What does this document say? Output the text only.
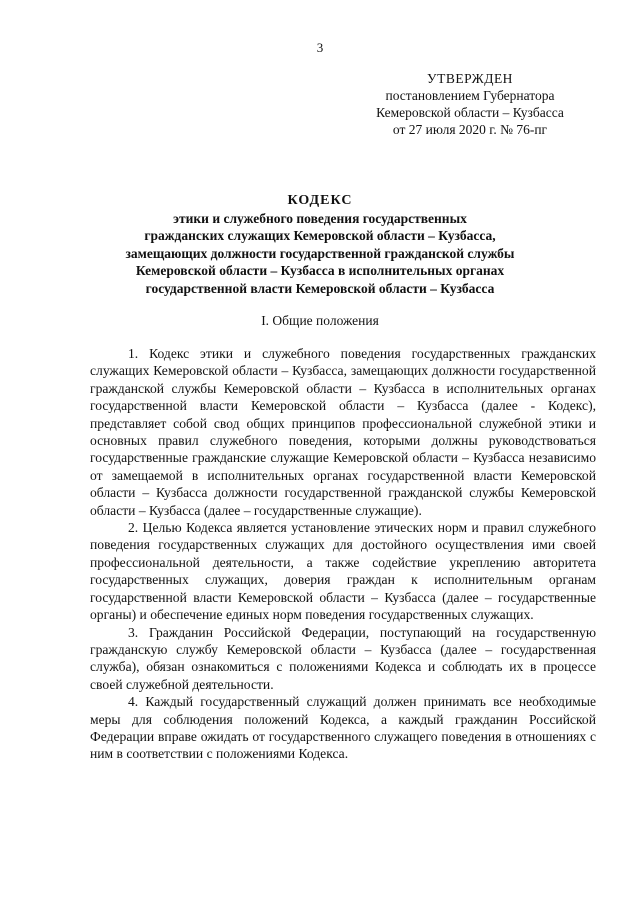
3
УТВЕРЖДЕН
постановлением Губернатора
Кемеровской области – Кузбасса
от 27 июля 2020 г. № 76-пг
КОДЕКС
этики и служебного поведения государственных
гражданских служащих Кемеровской области – Кузбасса,
замещающих должности государственной гражданской службы
Кемеровской области – Кузбасса в исполнительных органах
государственной власти Кемеровской области – Кузбасса
I. Общие положения

1. Кодекс этики и служебного поведения государственных гражданских служащих Кемеровской области – Кузбасса, замещающих должности государственной гражданской службы Кемеровской области – Кузбасса в исполнительных органах государственной власти Кемеровской области – Кузбасса (далее - Кодекс), представляет собой свод общих принципов профессиональной служебной этики и основных правил служебного поведения, которыми должны руководствоваться государственные гражданские служащие Кемеровской области – Кузбасса независимо от замещаемой в исполнительных органах государственной власти Кемеровской области – Кузбасса должности государственной гражданской службы Кемеровской области – Кузбасса (далее – государственные служащие).

2. Целью Кодекса является установление этических норм и правил служебного поведения государственных служащих для достойного осуществления ими своей профессиональной деятельности, а также содействие укреплению авторитета государственных служащих, доверия граждан к исполнительным органам государственной власти Кемеровской области – Кузбасса (далее – государственные органы) и обеспечение единых норм поведения государственных служащих.

3. Гражданин Российской Федерации, поступающий на государственную гражданскую службу Кемеровской области – Кузбасса (далее – государственная служба), обязан ознакомиться с положениями Кодекса и соблюдать их в процессе своей служебной деятельности.

4. Каждый государственный служащий должен принимать все необходимые меры для соблюдения положений Кодекса, а каждый гражданин Российской Федерации вправе ожидать от государственного служащего поведения в отношениях с ним в соответствии с положениями Кодекса.
